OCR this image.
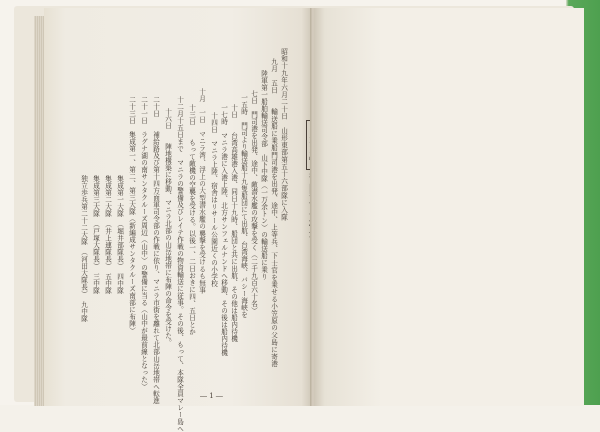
昭和十九年六月二十日　山形東部第五十六部隊に入隊
九月　五日　　輸送船に乗船門司港を出発、途中、上等兵、下士官を乗せる小笠原の父島に寄港
陸軍第一船舶輸送司令部　山下中隊（一万余トン）の輸送船に乗り
七日　門司港を出発、途中、敵潜水艦の攻撃を受く（二千九百六十名）
一五時　門司より輸送船十九隻船団にて出航、台湾海峡、バシー海峡を
十日　　台湾高雄港入港、同日十九時、船団と共に出航、その他は船内待機
一七時　マニラ港に入港上陸、北方サンフェルナンドへ移動、その後は船内待機
十四日　マニラ上陸、宿舎はリサール公園近くの小学校
十月　一日　マニラ湾、浮上の大型潜水艦の襲撃を受けるも無事
十三日　　もって敵機の空襲を受ける。以後一、二日おきに四、五日とか
十二月十五日まで　マニラの警備及びレイテ作戦の物資輸送に従事。その後、もって、本隊全員マレー島へ
十六日　　陣地構築に移動、マニラ北部の山岳地帯に布陣の命令を受けた。
二十日　　補給路及び第十四方面軍司令部の作戦に依り、マニラ市街を離れて北部山岳地帯へ転進
二十一日　ラグナ湖の南サンタクルーズ周辺（山中）の警備に当る（山中が最前線となった）
二十三日　集成第一、第二、第三大隊（新編成サンタクルーズ南部に布陣）
　　　　　集成第一大隊　（堀井部隊長）　四中隊
　　　　　集成第二大隊　（井上連隊長）　五中隊
　　　　　集成第三大隊　（戸塚大隊長）　三中隊
　　　　　独立歩兵第二十二大隊　（河田大隊長）　九中隊
― 1 ―
